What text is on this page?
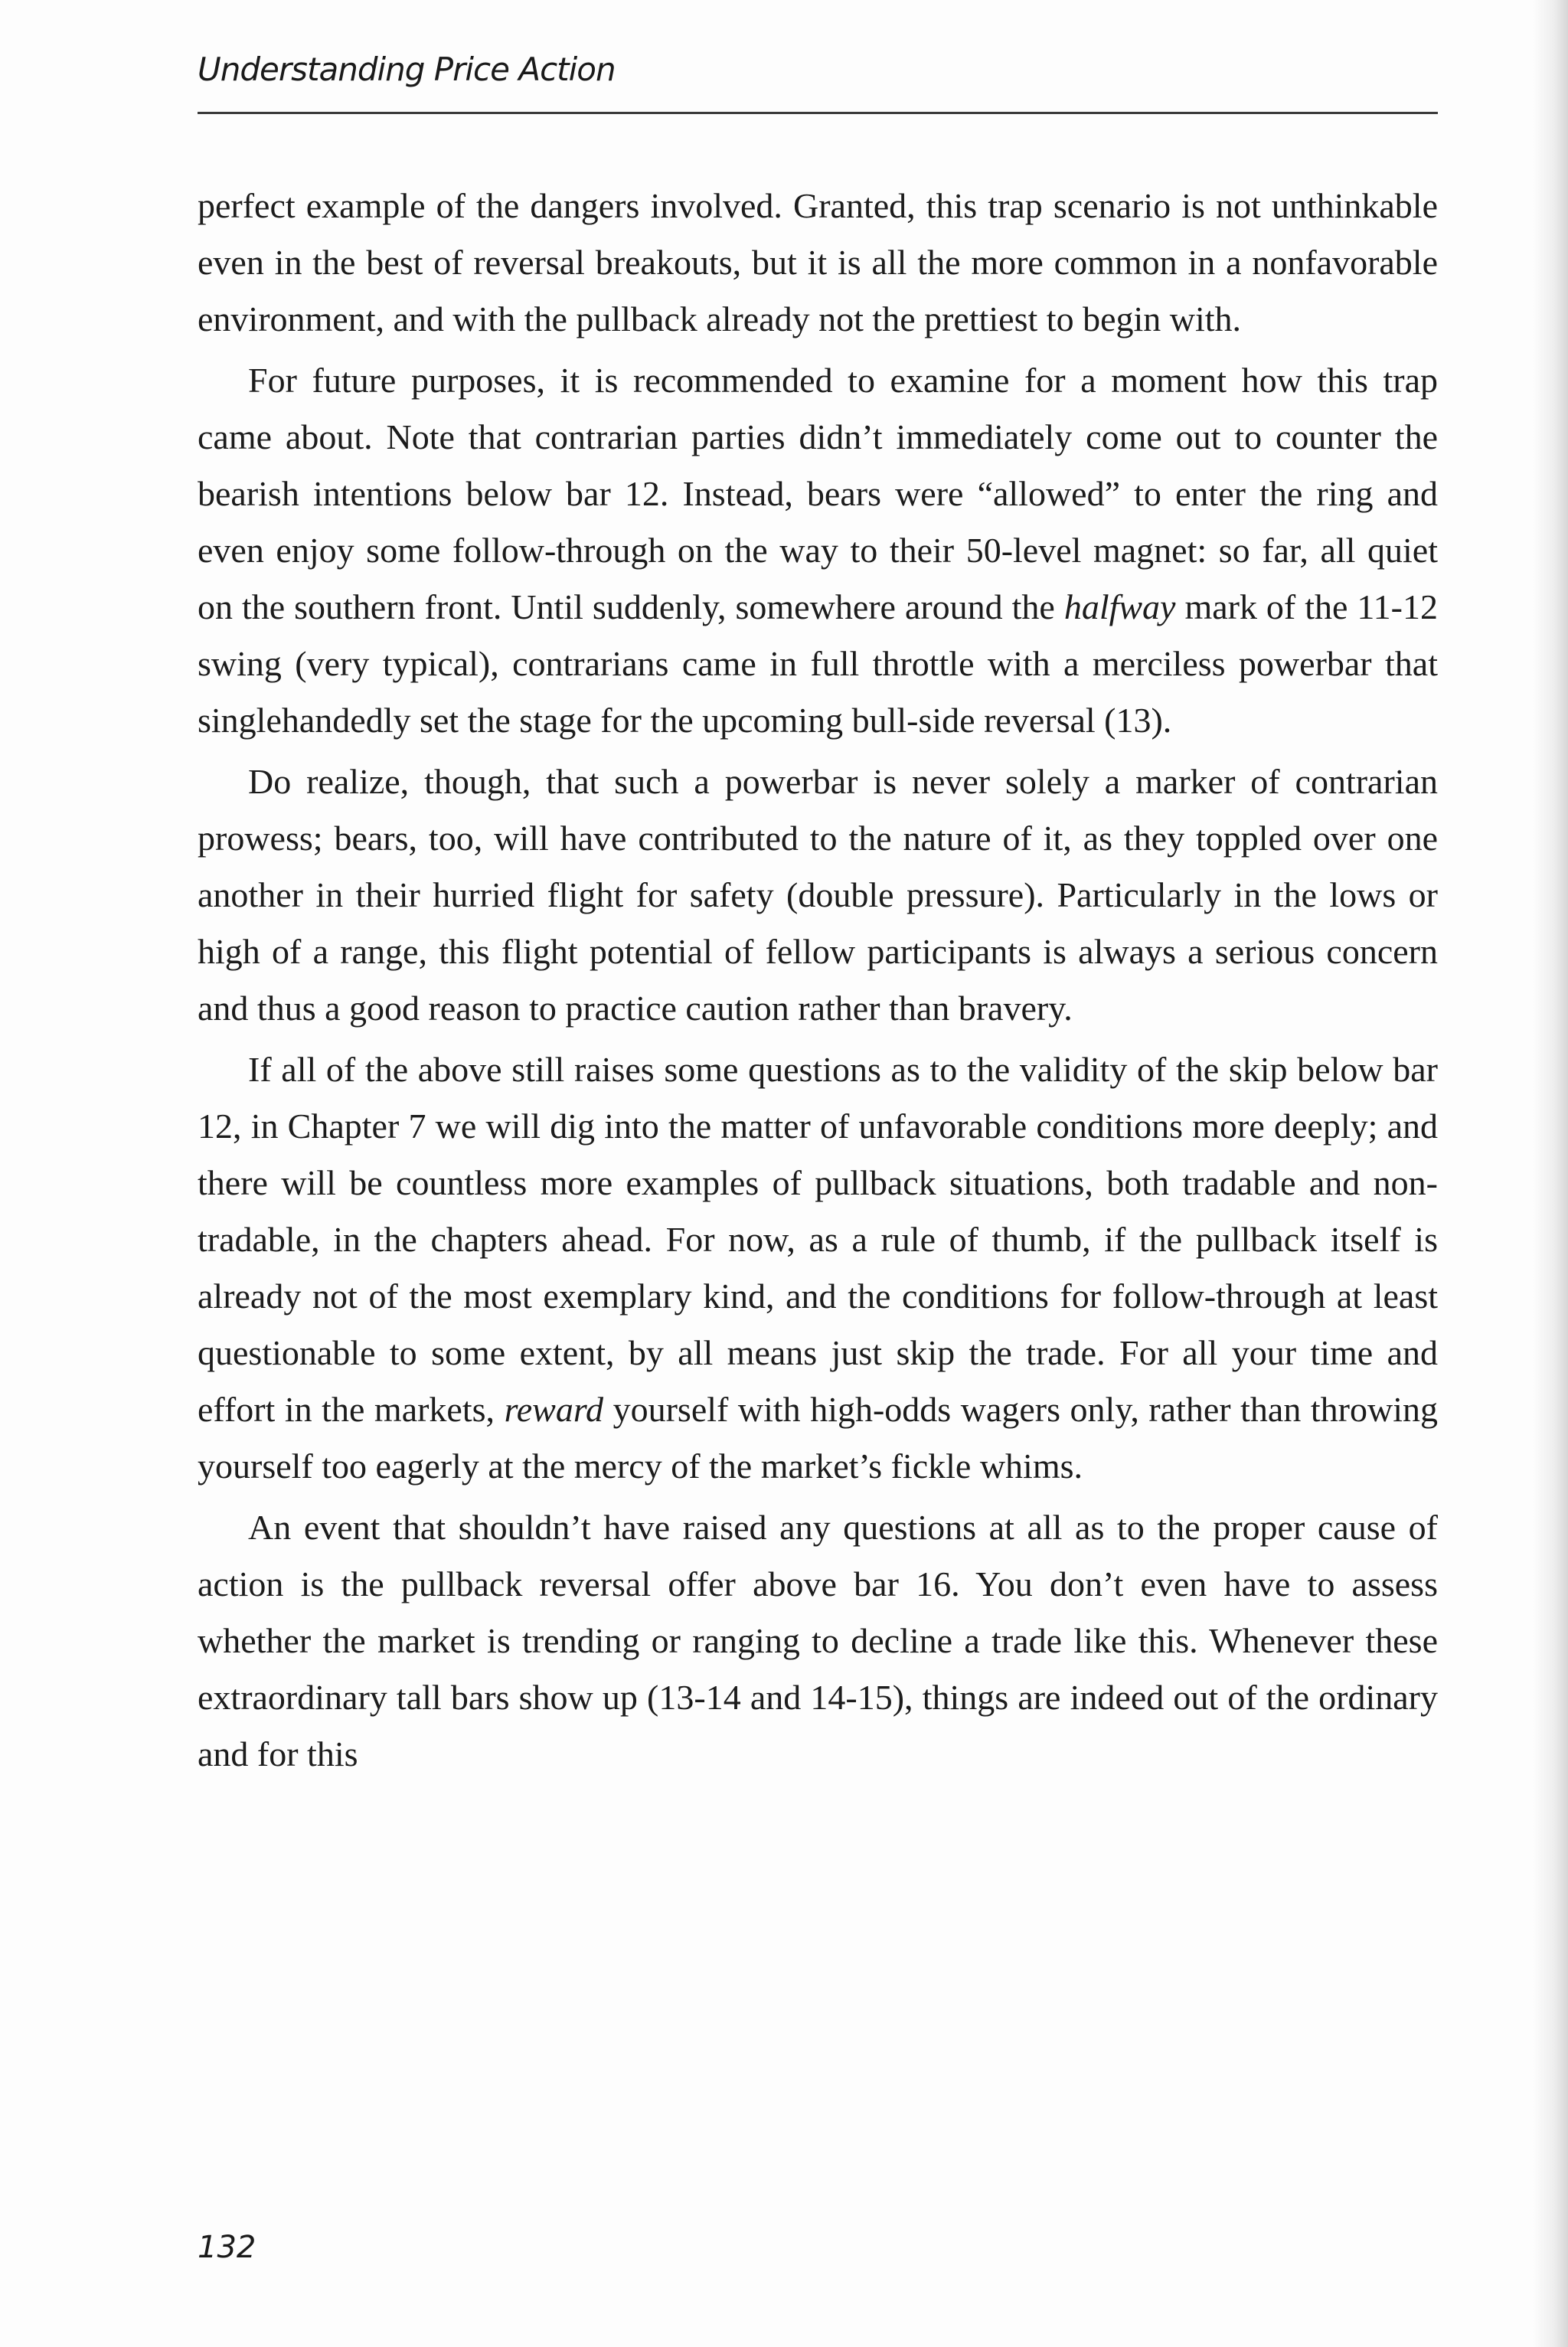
Understanding Price Action

perfect example of the dangers involved. Granted, this trap scenario is not unthinkable even in the best of reversal breakouts, but it is all the more common in a nonfavorable environment, and with the pullback already not the prettiest to begin with.

For future purposes, it is recommended to examine for a moment how this trap came about. Note that contrarian parties didn’t immediately come out to counter the bearish intentions below bar 12. Instead, bears were “allowed” to enter the ring and even enjoy some follow-through on the way to their 50-level magnet: so far, all quiet on the southern front. Until suddenly, somewhere around the halfway mark of the 11-12 swing (very typical), contrarians came in full throttle with a merciless powerbar that singlehandedly set the stage for the upcoming bull-side reversal (13).

Do realize, though, that such a powerbar is never solely a marker of contrarian prowess; bears, too, will have contributed to the nature of it, as they toppled over one another in their hurried flight for safety (double pressure). Particularly in the lows or high of a range, this flight potential of fellow participants is always a serious concern and thus a good reason to practice caution rather than bravery.

If all of the above still raises some questions as to the validity of the skip below bar 12, in Chapter 7 we will dig into the matter of unfavorable conditions more deeply; and there will be countless more examples of pullback situations, both tradable and non-tradable, in the chapters ahead. For now, as a rule of thumb, if the pullback itself is already not of the most exemplary kind, and the conditions for follow-through at least questionable to some extent, by all means just skip the trade. For all your time and effort in the markets, reward yourself with high-odds wagers only, rather than throwing yourself too eagerly at the mercy of the market’s fickle whims.

An event that shouldn’t have raised any questions at all as to the proper cause of action is the pullback reversal offer above bar 16. You don’t even have to assess whether the market is trending or ranging to decline a trade like this. Whenever these extraordinary tall bars show up (13-14 and 14-15), things are indeed out of the ordinary and for this

132
